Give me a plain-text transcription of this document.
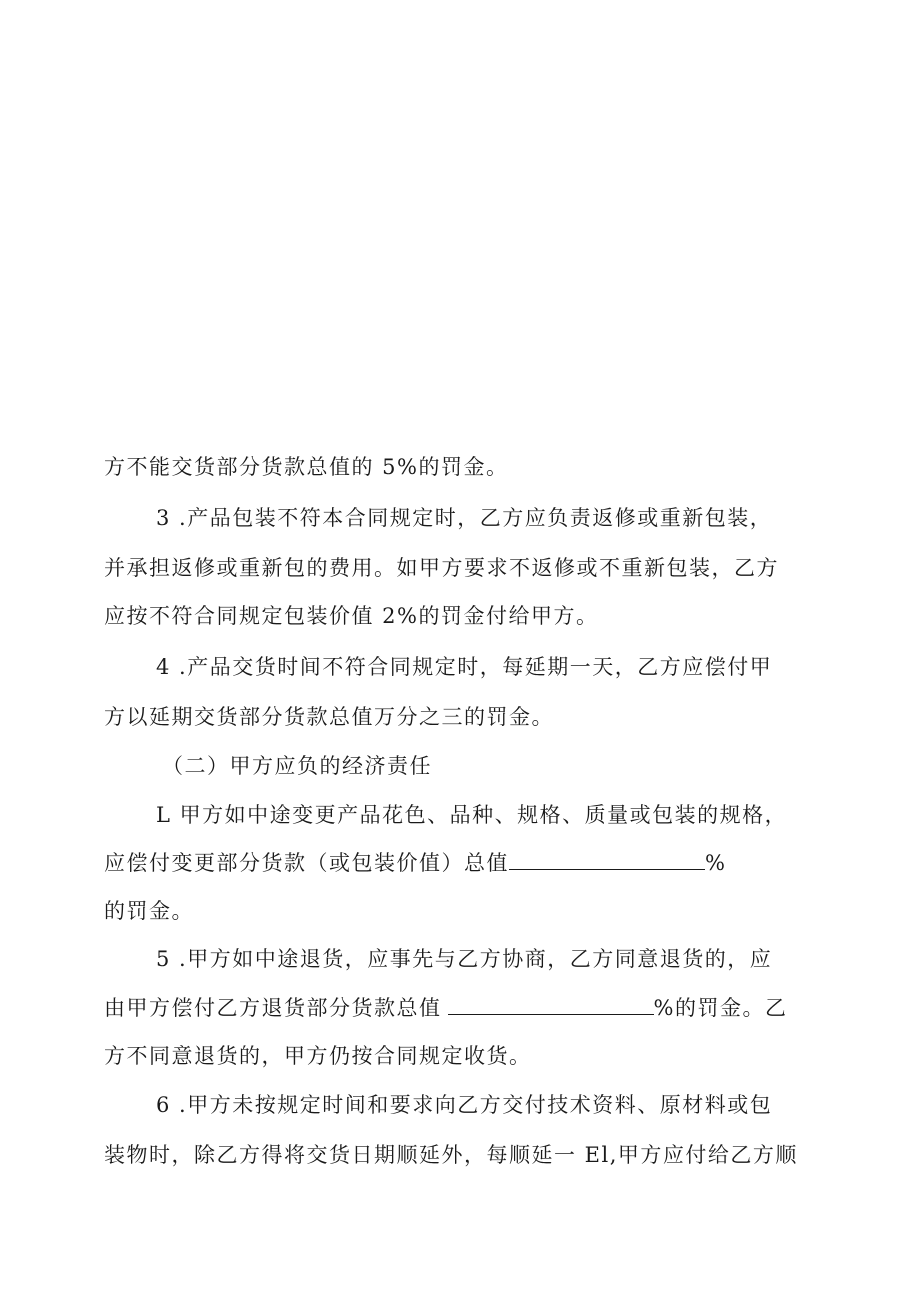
方不能交货部分货款总值的 5%的罚金。
3 .产品包装不符本合同规定时，乙方应负责返修或重新包装，
并承担返修或重新包的费用。如甲方要求不返修或不重新包装，乙方
应按不符合同规定包装价值 2%的罚金付给甲方。
4 .产品交货时间不符合同规定时，每延期一天，乙方应偿付甲
方以延期交货部分货款总值万分之三的罚金。
（二）甲方应负的经济责任
L 甲方如中途变更产品花色、品种、规格、质量或包装的规格，
应偿付变更部分货款（或包装价值）总值	%
的罚金。
5 .甲方如中途退货，应事先与乙方协商，乙方同意退货的，应
由甲方偿付乙方退货部分货款总值	%的罚金。乙
方不同意退货的，甲方仍按合同规定收货。
6 .甲方未按规定时间和要求向乙方交付技术资料、原材料或包
装物时，除乙方得将交货日期顺延外，每顺延一 El,甲方应付给乙方顺
